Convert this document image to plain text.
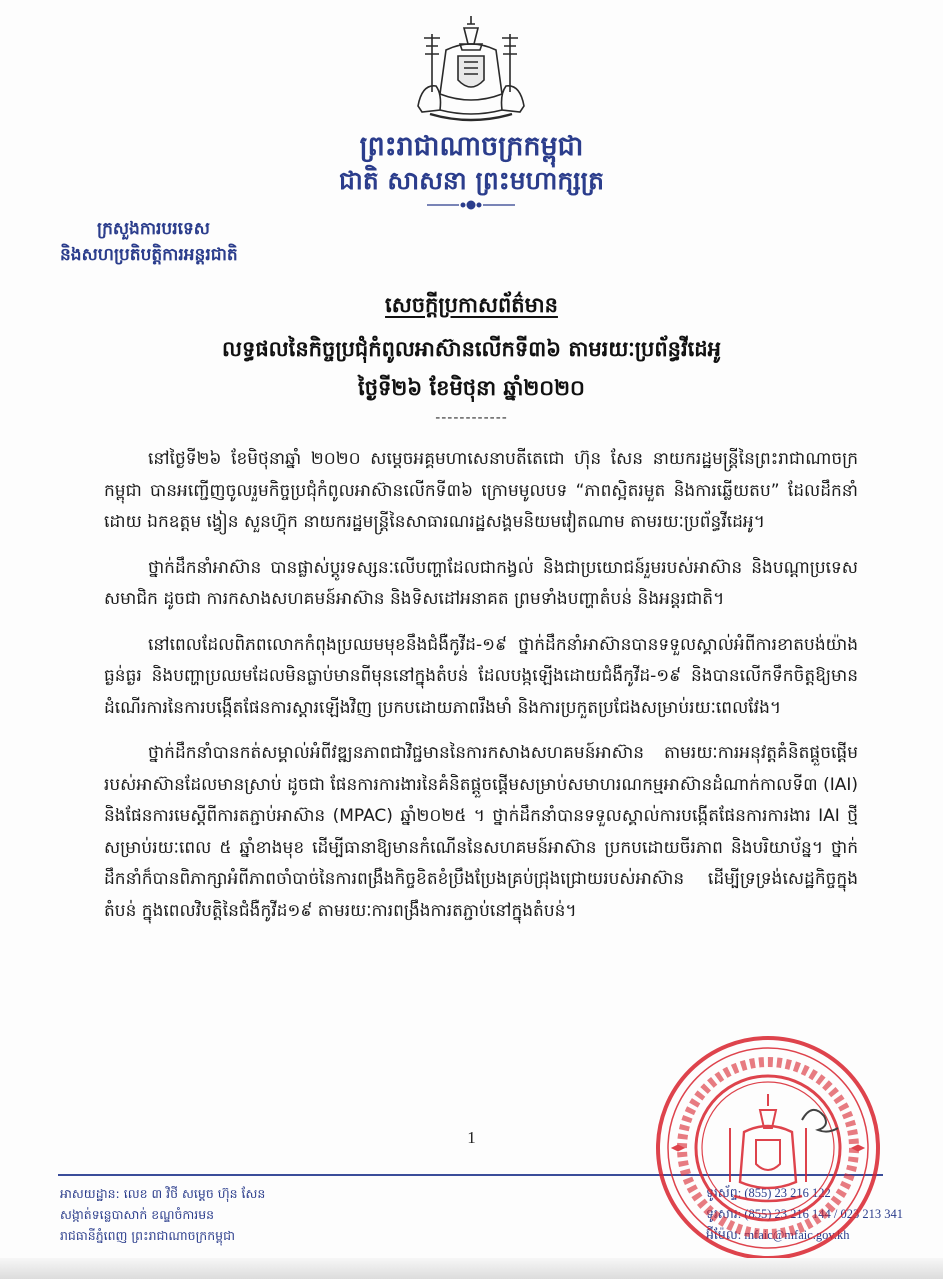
ព្រះរាជាណាចក្រកម្ពុជា
ជាតិ សាសនា ព្រះមហាក្សត្រ
ក្រសួងការបរទេស
និងសហប្រតិបត្តិការអន្តរជាតិ
សេចក្តីប្រកាសព័ត៌មាន
លទ្ធផលនៃកិច្ចប្រជុំកំពូលអាស៊ានលើកទី៣៦ តាមរយៈប្រព័ន្ធវីដេអូ
ថ្ងៃទី២៦ ខែមិថុនា ឆ្នាំ២០២០
------------

នៅថ្ងៃទី២៦ ខែមិថុនាឆ្នាំ ២០២០ សម្តេចអគ្គមហាសេនាបតីតេជោ ហ៊ុន សែន នាយករដ្ឋមន្ត្រីនៃព្រះរាជាណាចក្រកម្ពុជា បានអញ្ជើញចូលរួមកិច្ចប្រជុំកំពូលអាស៊ានលើកទី៣៦ ក្រោមមូលបទ “ភាពស្អិតរមួត និងការឆ្លើយតប” ដែលដឹកនាំដោយ ឯកឧត្តម ង្វៀន សួនហ៊្វុក នាយករដ្ឋមន្ត្រីនៃសាធារណរដ្ឋសង្គមនិយមវៀតណាម តាមរយៈប្រព័ន្ធវីដេអូ។

ថ្នាក់ដឹកនាំអាស៊ាន បានផ្លាស់ប្តូរទស្សនៈលើបញ្ហាដែលជាកង្វល់ និងជាប្រយោជន៍រួមរបស់អាស៊ាន និងបណ្តាប្រទេសសមាជិក ដូចជា ការកសាងសហគមន៍អាស៊ាន និងទិសដៅអនាគត ព្រមទាំងបញ្ហាតំបន់ និងអន្តរជាតិ។

នៅពេលដែលពិភពលោកកំពុងប្រឈមមុខនឹងជំងឺកូវីដ-១៩ ថ្នាក់ដឹកនាំអាស៊ានបានទទួលស្គាល់អំពីការខាតបង់យ៉ាងធ្ងន់ធ្ងរ និងបញ្ហាប្រឈមដែលមិនធ្លាប់មានពីមុននៅក្នុងតំបន់ ដែលបង្កឡើងដោយជំងឺកូវីដ-១៩ និងបានលើកទឹកចិត្តឱ្យមានដំណើរការនៃការបង្កើតផែនការស្តារឡើងវិញ ប្រកបដោយភាពរឹងមាំ និងការប្រកួតប្រជែងសម្រាប់រយៈពេលវែង។

ថ្នាក់ដឹកនាំបានកត់សម្គាល់អំពីវឌ្ឍនភាពជាវិជ្ជមាននៃការកសាងសហគមន៍អាស៊ាន តាមរយៈការអនុវត្តគំនិតផ្តួចផ្តើមរបស់អាស៊ានដែលមានស្រាប់ ដូចជា ផែនការការងារនៃគំនិតផ្តួចផ្តើមសម្រាប់សមាហរណកម្មអាស៊ានដំណាក់កាលទី៣ (IAI) និងផែនការមេស្តីពីការតភ្ជាប់អាស៊ាន (MPAC) ឆ្នាំ២០២៥ ។ ថ្នាក់ដឹកនាំបានទទួលស្គាល់ការបង្កើតផែនការការងារ IAI ថ្មី សម្រាប់រយៈពេល ៥ ឆ្នាំខាងមុខ ដើម្បីធានាឱ្យមានកំណើននៃសហគមន៍អាស៊ាន ប្រកបដោយចីរភាព និងបរិយាប័ន្ន។ ថ្នាក់ដឹកនាំក៏បានពិភាក្សាអំពីភាពចាំបាច់នៃការពង្រឹងកិច្ចខិតខំប្រឹងប្រែងគ្រប់ជ្រុងជ្រោយរបស់អាស៊ាន ដើម្បីទ្រទ្រង់សេដ្ឋកិច្ចក្នុងតំបន់ ក្នុងពេលវិបត្តិនៃជំងឺកូវីដ១៩ តាមរយៈការពង្រឹងការតភ្ជាប់នៅក្នុងតំបន់។

1
អាសយដ្ឋាន: លេខ ៣ វិថី សម្តេច ហ៊ុន សែន
សង្កាត់ទន្លេបាសាក់ ខណ្ឌចំការមន
រាជធានីភ្នំពេញ ព្រះរាជាណាចក្រកម្ពុជា
ទូរស័ព្ទ: (855) 23 216 122
ទូរសារ: (855) 23 216 144 / 023 213 341
អ៊ីម៉ែល: mfaic@mfaic.gov.kh
